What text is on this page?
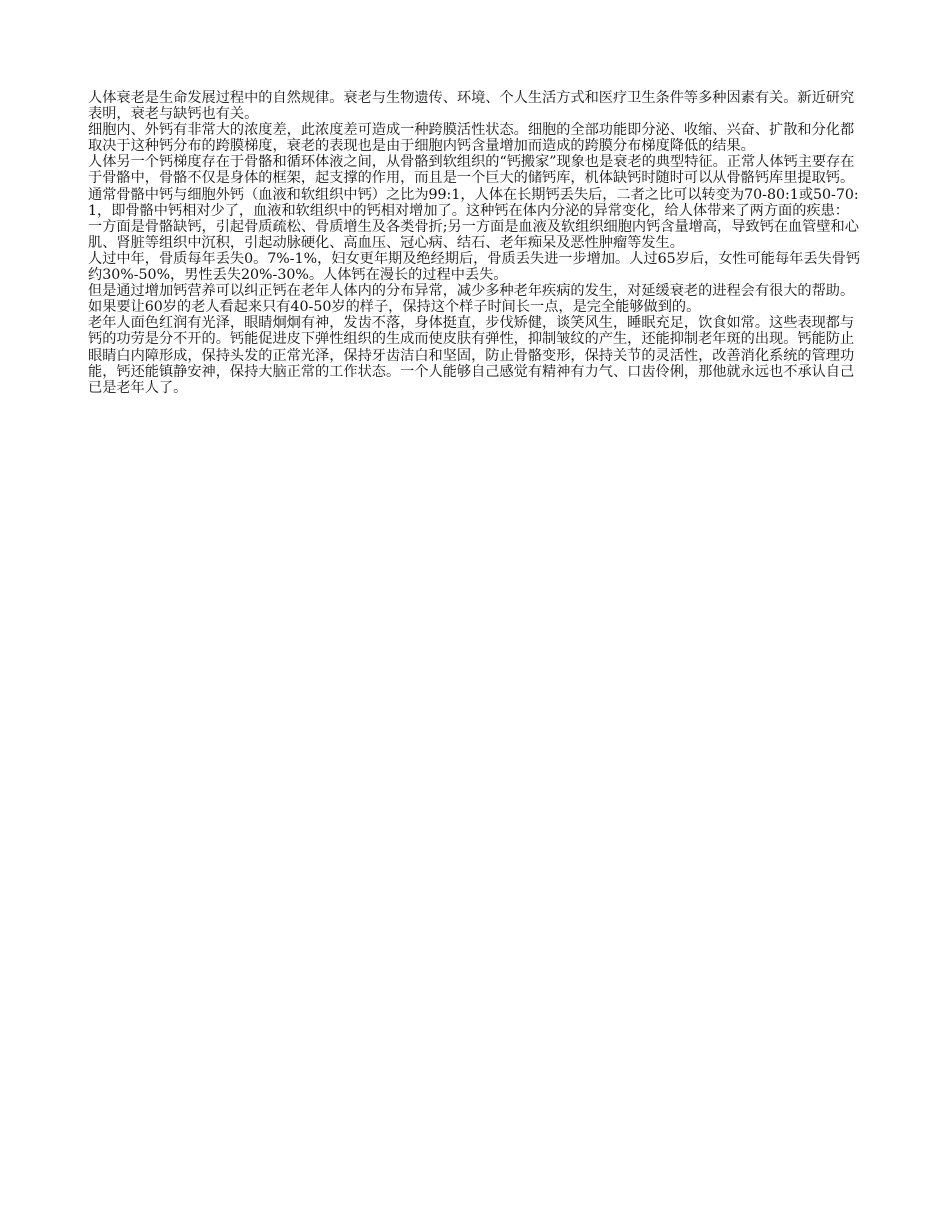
人体衰老是生命发展过程中的自然规律。衰老与生物遗传、环境、个人生活方式和医疗卫生条件等多种因素有关。新近研究表明，衰老与缺钙也有关。

细胞内、外钙有非常大的浓度差，此浓度差可造成一种跨膜活性状态。细胞的全部功能即分泌、收缩、兴奋、扩散和分化都取决于这种钙分布的跨膜梯度，衰老的表现也是由于细胞内钙含量增加而造成的跨膜分布梯度降低的结果。

人体另一个钙梯度存在于骨骼和循环体液之间，从骨骼到软组织的“钙搬家”现象也是衰老的典型特征。正常人体钙主要存在于骨骼中，骨骼不仅是身体的框架，起支撑的作用，而且是一个巨大的储钙库，机体缺钙时随时可以从骨骼钙库里提取钙。通常骨骼中钙与细胞外钙（血液和软组织中钙）之比为99:1，人体在长期钙丢失后，二者之比可以转变为70-80:1或50-70:1，即骨骼中钙相对少了，血液和软组织中的钙相对增加了。这种钙在体内分泌的异常变化，给人体带来了两方面的疾患：一方面是骨骼缺钙，引起骨质疏松、骨质增生及各类骨折;另一方面是血液及软组织细胞内钙含量增高，导致钙在血管壁和心肌、肾脏等组织中沉积，引起动脉硬化、高血压、冠心病、结石、老年痴呆及恶性肿瘤等发生。

人过中年，骨质每年丢失0。7%-1%，妇女更年期及绝经期后，骨质丢失进一步增加。人过65岁后，女性可能每年丢失骨钙约30%-50%，男性丢失20%-30%。人体钙在漫长的过程中丢失。

但是通过增加钙营养可以纠正钙在老年人体内的分布异常，减少多种老年疾病的发生，对延缓衰老的进程会有很大的帮助。如果要让60岁的老人看起来只有40-50岁的样子，保持这个样子时间长一点，是完全能够做到的。

老年人面色红润有光泽，眼睛炯炯有神，发齿不落，身体挺直，步伐矫健，谈笑风生，睡眠充足，饮食如常。这些表现都与钙的功劳是分不开的。钙能促进皮下弹性组织的生成而使皮肤有弹性，抑制皱纹的产生，还能抑制老年斑的出现。钙能防止眼睛白内障形成，保持头发的正常光泽，保持牙齿洁白和坚固，防止骨骼变形，保持关节的灵活性，改善消化系统的管理功能，钙还能镇静安神，保持大脑正常的工作状态。一个人能够自己感觉有精神有力气、口齿伶俐，那他就永远也不承认自己已是老年人了。
